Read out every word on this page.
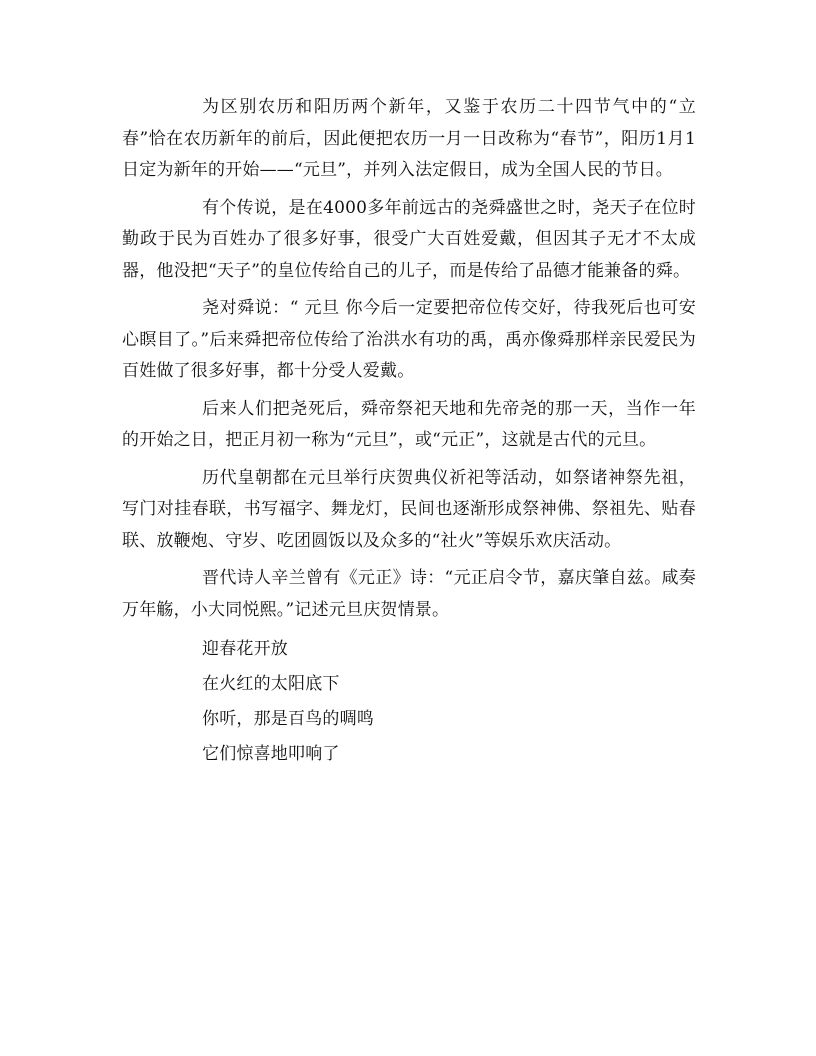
为区别农历和阳历两个新年，又鉴于农历二十四节气中的“立春”恰在农历新年的前后，因此便把农历一月一日改称为“春节”，阳历1月1日定为新年的开始——“元旦”，并列入法定假日，成为全国人民的节日。

有个传说，是在4000多年前远古的尧舜盛世之时，尧天子在位时勤政于民为百姓办了很多好事，很受广大百姓爱戴，但因其子无才不太成器，他没把“天子”的皇位传给自己的儿子，而是传给了品德才能兼备的舜。

尧对舜说：“ 元旦 你今后一定要把帝位传交好，待我死后也可安心瞑目了。”后来舜把帝位传给了治洪水有功的禹，禹亦像舜那样亲民爱民为百姓做了很多好事，都十分受人爱戴。

后来人们把尧死后，舜帝祭祀天地和先帝尧的那一天，当作一年的开始之日，把正月初一称为“元旦”，或“元正”，这就是古代的元旦。

历代皇朝都在元旦举行庆贺典仪祈祀等活动，如祭诸神祭先祖，写门对挂春联，书写福字、舞龙灯，民间也逐渐形成祭神佛、祭祖先、贴春联、放鞭炮、守岁、吃团圆饭以及众多的“社火”等娱乐欢庆活动。

晋代诗人辛兰曾有《元正》诗：“元正启令节，嘉庆肇自兹。咸奏万年觞，小大同悦熙。”记述元旦庆贺情景。

迎春花开放

在火红的太阳底下

你听，那是百鸟的啁鸣

它们惊喜地叩响了
